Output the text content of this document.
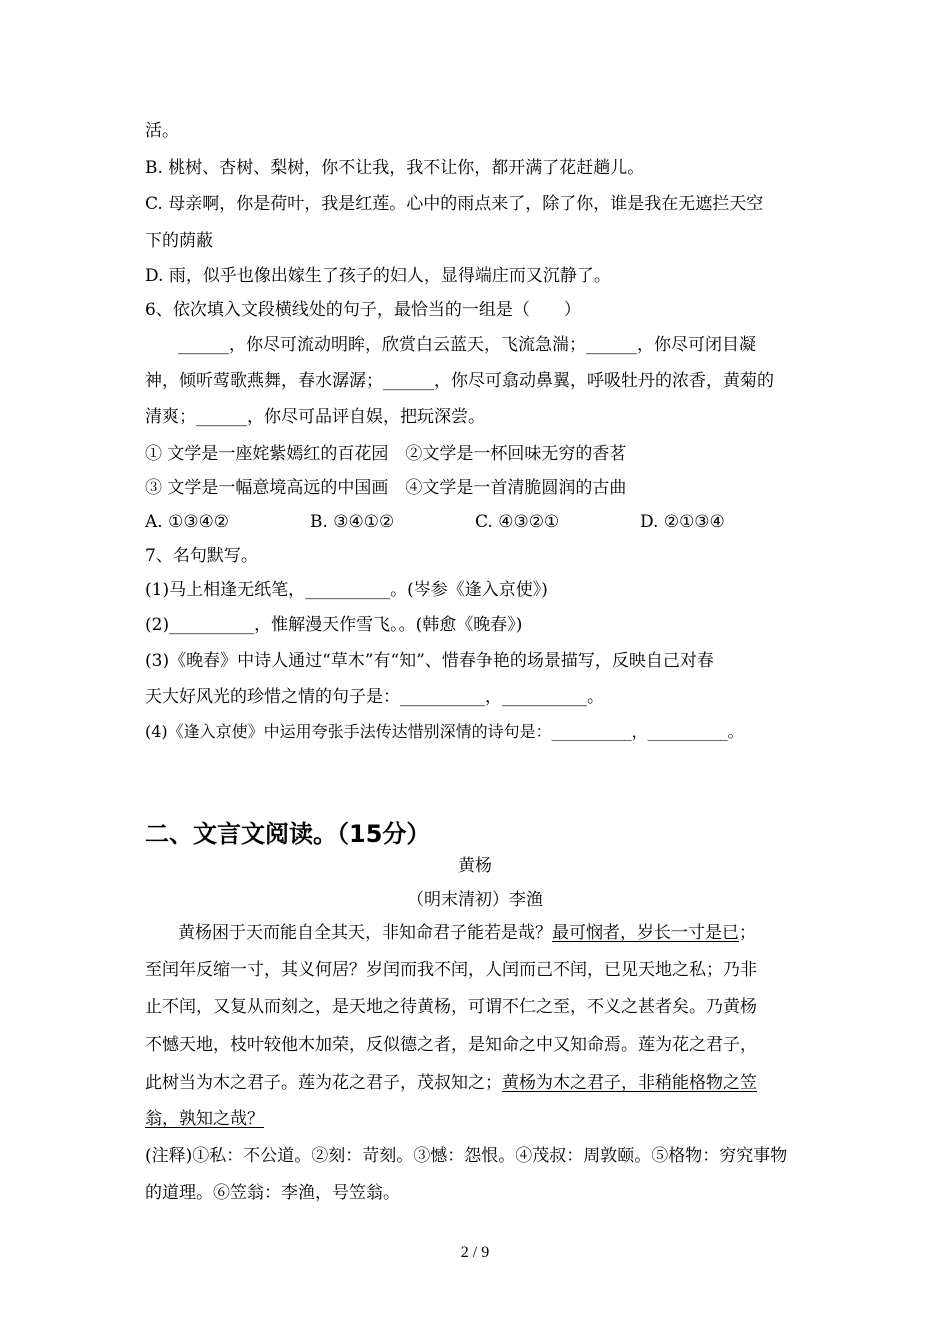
活。
B. 桃树、杏树、梨树，你不让我，我不让你，都开满了花赶趟儿。
C. 母亲啊，你是荷叶，我是红莲。心中的雨点来了，除了你，谁是我在无遮拦天空
下的荫蔽
D. 雨，似乎也像出嫁生了孩子的妇人，显得端庄而又沉静了。
6、依次填入文段横线处的句子，最恰当的一组是（　　）
______，你尽可流动明眸，欣赏白云蓝天，飞流急湍；______，你尽可闭目凝
神，倾听莺歌燕舞，春水潺潺；______，你尽可翕动鼻翼，呼吸牡丹的浓香，黄菊的
清爽；______，你尽可品评自娱，把玩深尝。
① 文学是一座姹紫嫣红的百花园　②文学是一杯回味无穷的香茗
③ 文学是一幅意境高远的中国画　④文学是一首清脆圆润的古曲
A. ①③④②	B. ③④①②	C. ④③②①	D. ②①③④
7、名句默写。
(1)马上相逢无纸笔，__________。(岑参《逢入京使》)
(2)__________，惟解漫天作雪飞。。(韩愈《晚春》)
(3)《晚春》中诗人通过“草木”有“知”、惜春争艳的场景描写，反映自己对春
天大好风光的珍惜之情的句子是：__________，__________。
(4)《逢入京使》中运用夸张手法传达惜别深情的诗句是：__________，__________。
二、文言文阅读。（15分）
黄杨
（明末清初）李渔
黄杨困于天而能自全其天，非知命君子能若是哉？最可悯者，岁长一寸是已；
至闰年反缩一寸，其义何居？岁闰而我不闰，人闰而己不闰，已见天地之私；乃非
止不闰，又复从而刻之，是天地之待黄杨，可谓不仁之至，不义之甚者矣。乃黄杨
不憾天地，枝叶较他木加荣，反似德之者，是知命之中又知命焉。莲为花之君子，
此树当为木之君子。莲为花之君子，茂叔知之；黄杨为木之君子，非稍能格物之笠
翁，孰知之哉？
(注释)①私：不公道。②刻：苛刻。③憾：怨恨。④茂叔：周敦颐。⑤格物：穷究事物
的道理。⑥笠翁：李渔，号笠翁。
2 / 9
